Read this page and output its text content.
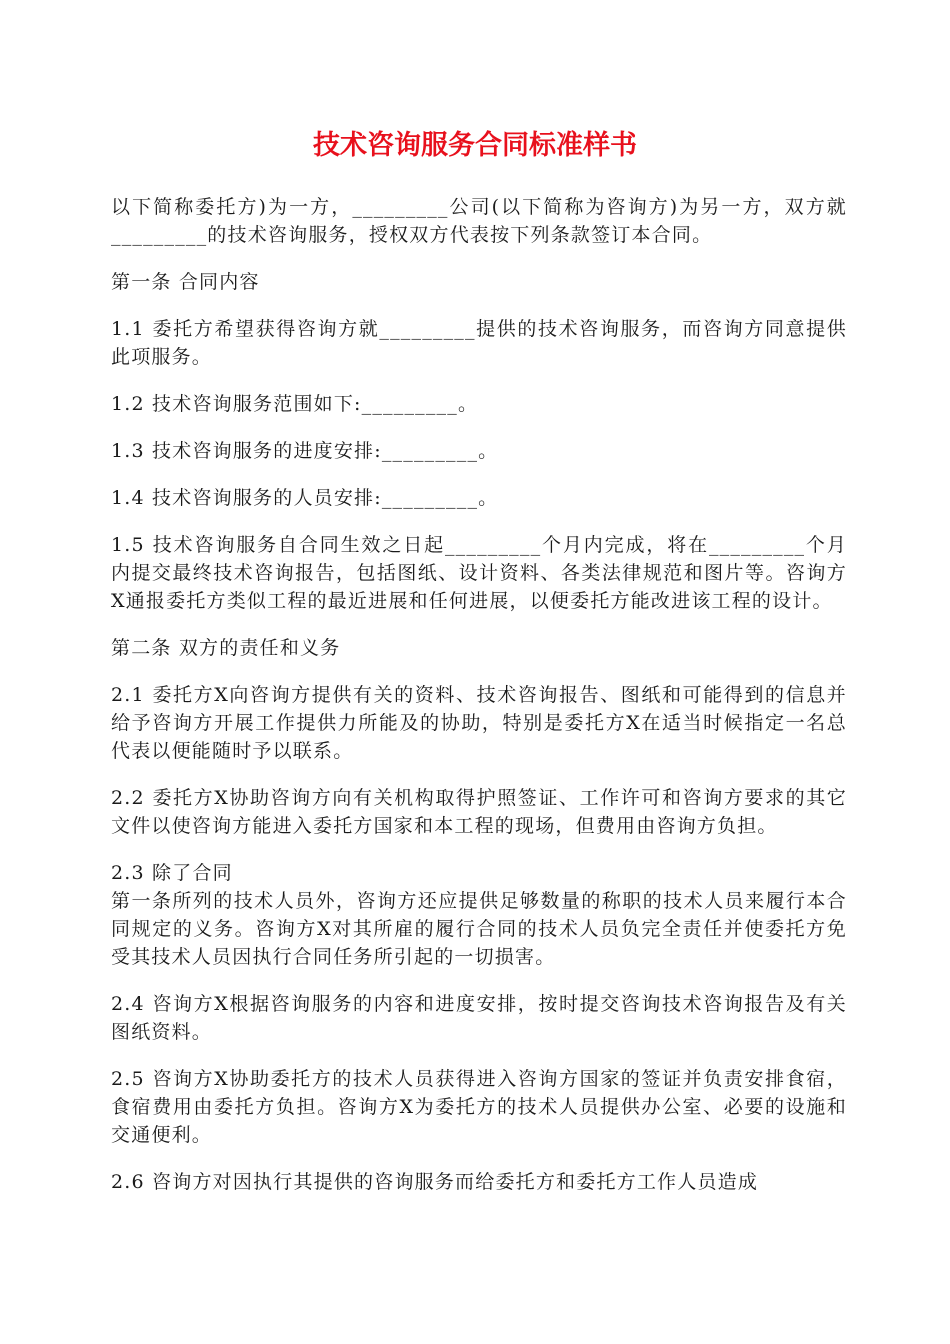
技术咨询服务合同标准样书

以下简称委托方)为一方，_________公司(以下简称为咨询方)为另一方，双方就_________的技术咨询服务，授权双方代表按下列条款签订本合同。

第一条 合同内容

1.1 委托方希望获得咨询方就_________提供的技术咨询服务，而咨询方同意提供此项服务。

1.2 技术咨询服务范围如下:_________。

1.3 技术咨询服务的进度安排:_________。

1.4 技术咨询服务的人员安排:_________。

1.5 技术咨询服务自合同生效之日起_________个月内完成，将在_________个月内提交最终技术咨询报告，包括图纸、设计资料、各类法律规范和图片等。咨询方X通报委托方类似工程的最近进展和任何进展，以便委托方能改进该工程的设计。

第二条 双方的责任和义务

2.1 委托方X向咨询方提供有关的资料、技术咨询报告、图纸和可能得到的信息并给予咨询方开展工作提供力所能及的协助，特别是委托方X在适当时候指定一名总代表以便能随时予以联系。

2.2 委托方X协助咨询方向有关机构取得护照签证、工作许可和咨询方要求的其它文件以使咨询方能进入委托方国家和本工程的现场，但费用由咨询方负担。

2.3 除了合同

第一条所列的技术人员外，咨询方还应提供足够数量的称职的技术人员来履行本合同规定的义务。咨询方X对其所雇的履行合同的技术人员负完全责任并使委托方免受其技术人员因执行合同任务所引起的一切损害。

2.4 咨询方X根据咨询服务的内容和进度安排，按时提交咨询技术咨询报告及有关图纸资料。

2.5 咨询方X协助委托方的技术人员获得进入咨询方国家的签证并负责安排食宿，食宿费用由委托方负担。咨询方X为委托方的技术人员提供办公室、必要的设施和交通便利。

2.6 咨询方对因执行其提供的咨询服务而给委托方和委托方工作人员造成
